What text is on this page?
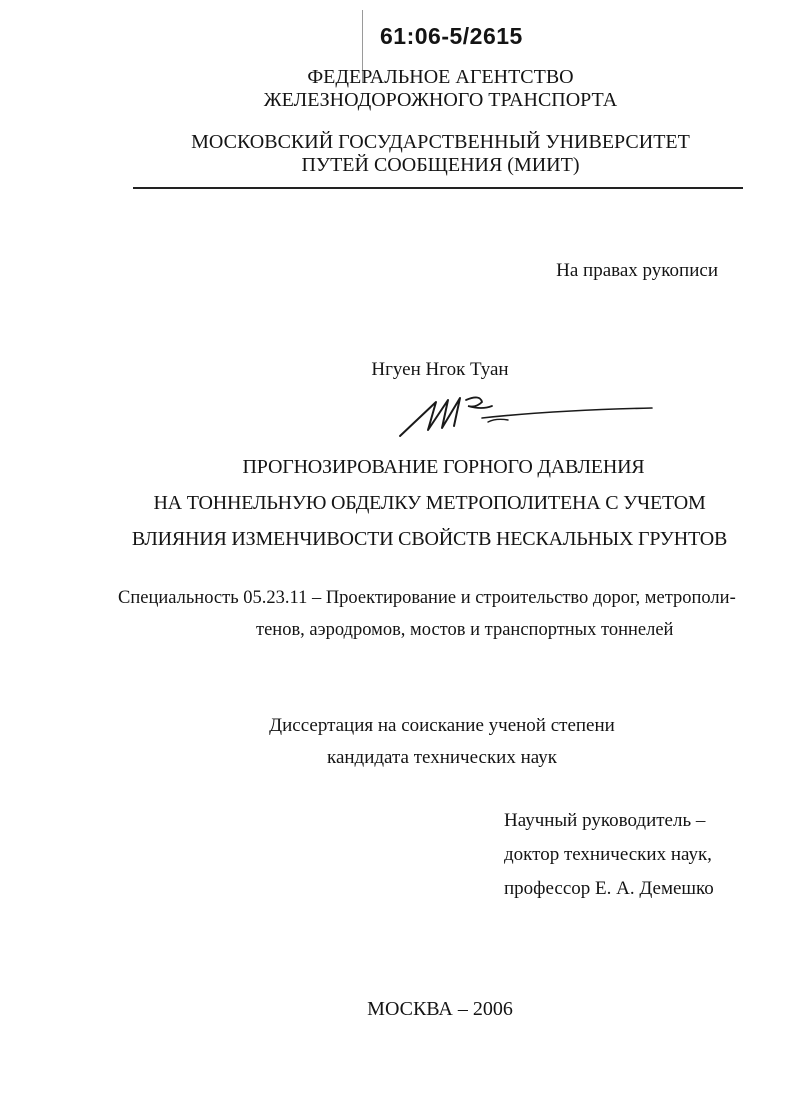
61:06-5/2615
ФЕДЕРАЛЬНОЕ АГЕНТСТВО
ЖЕЛЕЗНОДОРОЖНОГО ТРАНСПОРТА
МОСКОВСКИЙ ГОСУДАРСТВЕННЫЙ УНИВЕРСИТЕТ
ПУТЕЙ СООБЩЕНИЯ (МИИТ)
На правах рукописи
Нгуен Нгок Туан
ПРОГНОЗИРОВАНИЕ ГОРНОГО ДАВЛЕНИЯ
НА ТОННЕЛЬНУЮ ОБДЕЛКУ МЕТРОПОЛИТЕНА С УЧЕТОМ
ВЛИЯНИЯ ИЗМЕНЧИВОСТИ СВОЙСТВ НЕСКАЛЬНЫХ ГРУНТОВ
Специальность 05.23.11 – Проектирование и строительство дорог, метрополи-
тенов, аэродромов, мостов и транспортных тоннелей
Диссертация на соискание ученой степени
кандидата технических наук
Научный руководитель –
доктор технических наук,
профессор Е. А. Демешко
МОСКВА – 2006
